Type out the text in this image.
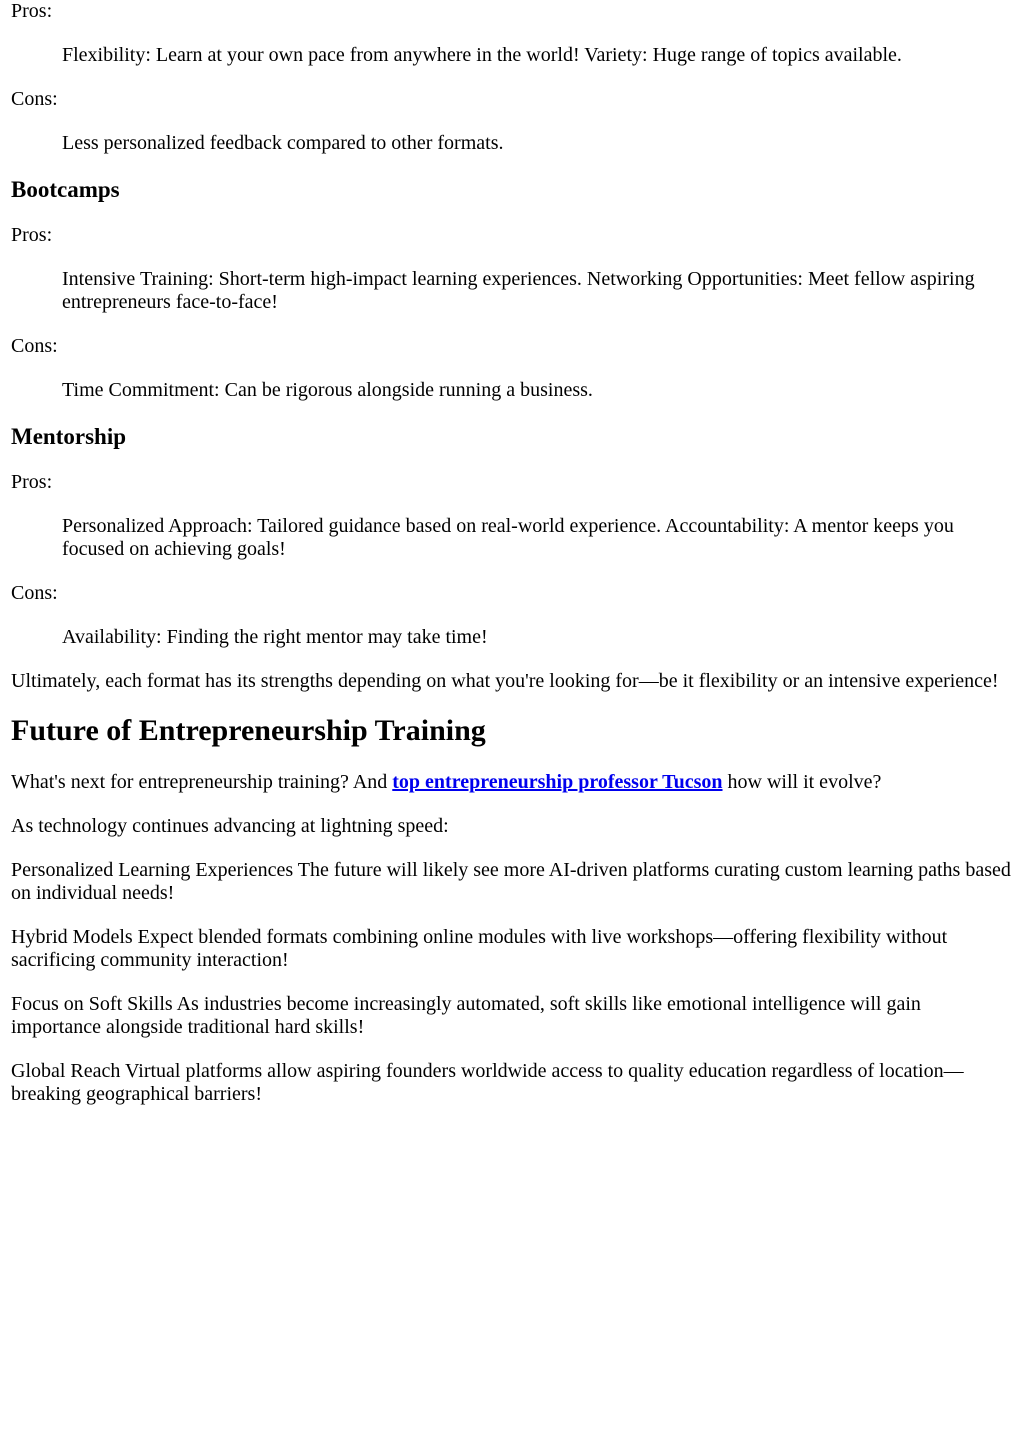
Pros:

Flexibility: Learn at your own pace from anywhere in the world! Variety: Huge range of topics available.

Cons:

Less personalized feedback compared to other formats.
Bootcamps

Pros:

Intensive Training: Short-term high-impact learning experiences. Networking Opportunities: Meet fellow aspiring entrepreneurs face-to-face!

Cons:

Time Commitment: Can be rigorous alongside running a business.
Mentorship

Pros:

Personalized Approach: Tailored guidance based on real-world experience. Accountability: A mentor keeps you focused on achieving goals!

Cons:

Availability: Finding the right mentor may take time!

Ultimately, each format has its strengths depending on what you're looking for—be it flexibility or an intensive experience!

Future of Entrepreneurship Training

What's next for entrepreneurship training? And top entrepreneurship professor Tucson how will it evolve?

As technology continues advancing at lightning speed:

Personalized Learning Experiences The future will likely see more AI-driven platforms curating custom learning paths based on individual needs!

Hybrid Models Expect blended formats combining online modules with live workshops—offering flexibility without sacrificing community interaction!

Focus on Soft Skills As industries become increasingly automated, soft skills like emotional intelligence will gain importance alongside traditional hard skills!

Global Reach Virtual platforms allow aspiring founders worldwide access to quality education regardless of location—breaking geographical barriers!
